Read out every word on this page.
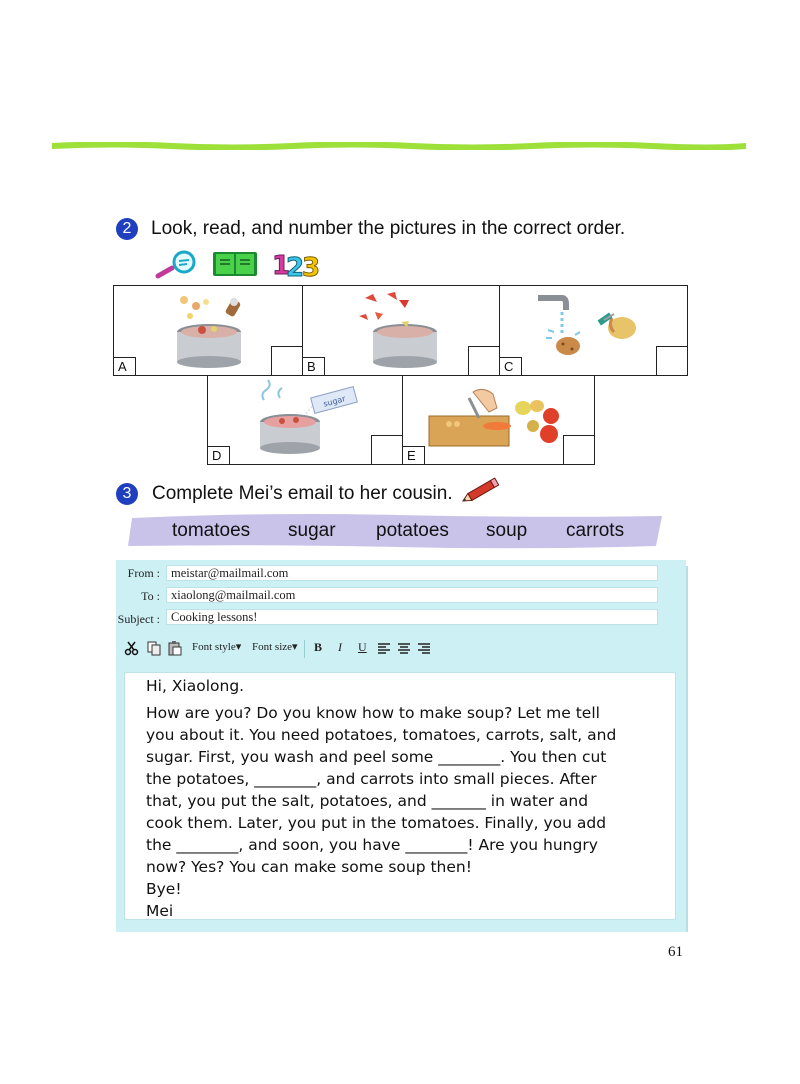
2	Look, read, and number the pictures in the correct order.
1
2
3
A	B	C
sugar
D	E
3	Complete Mei’s email to her cousin.
tomatoes sugar potatoes soup carrots
From : meistar@mailmail.com
To : xiaolong@mailmail.com
Subject : Cooking lessons!
Font style▾ Font size▾ B I U
Hi, Xiaolong.
How are you? Do you know how to make soup? Let me tell
you about it. You need potatoes, tomatoes, carrots, salt, and
sugar. First, you wash and peel some ________. You then cut
the potatoes, ________, and carrots into small pieces. After
that, you put the salt, potatoes, and _______ in water and
cook them. Later, you put in the tomatoes. Finally, you add
the ________, and soon, you have ________! Are you hungry
now? Yes? You can make some soup then!
Bye!
Mei
61
